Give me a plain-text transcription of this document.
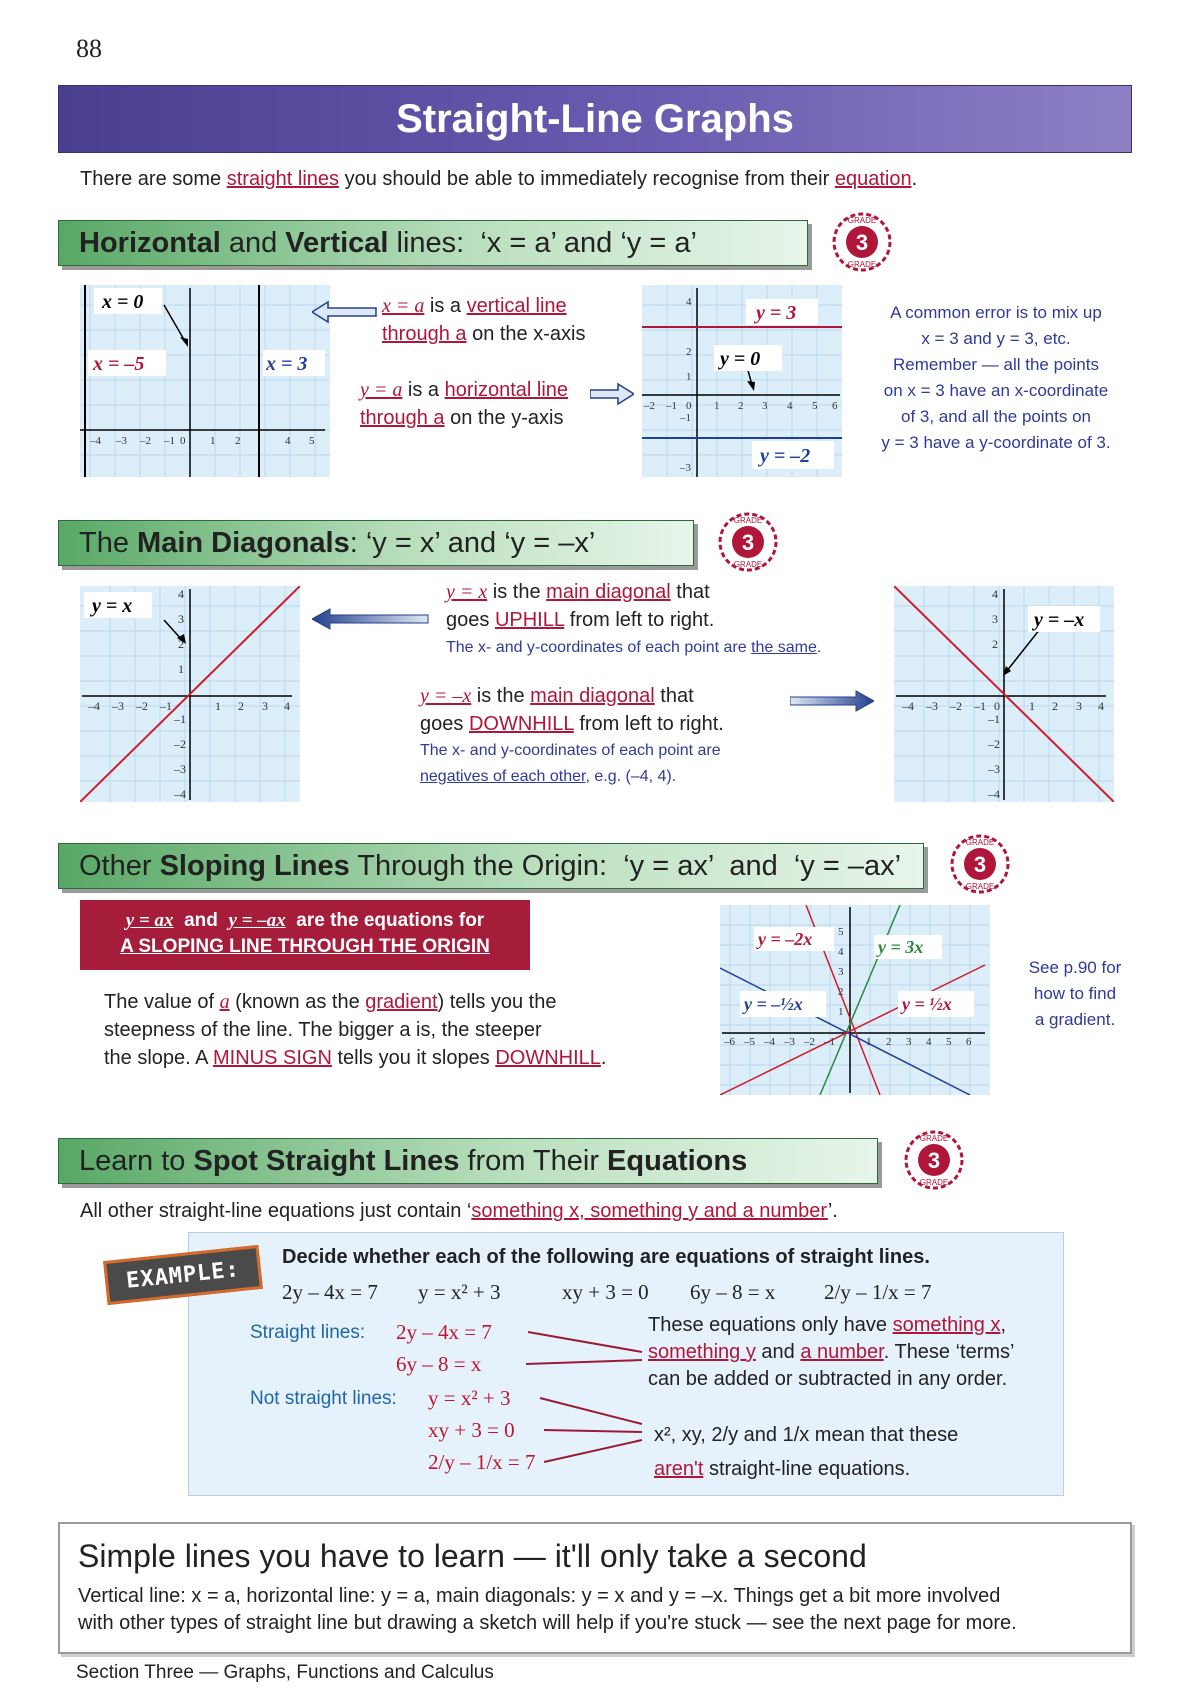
88
Straight-Line Graphs
There are some straight lines you should be able to immediately recognise from their equation.
Horizontal and Vertical lines:  ‘x = a’ and ‘y = a’	3
GRADE
GRADE
–4 –3 –2 –1 0 1 2	4 5
x = 0
x = –5	x = 3
x = a is a vertical line
through a on the x-axis
y = a is a horizontal line
through a on the y-axis
–2 –1 0 1 2 3 4 5 6
4
2
1
–1
–3
y = 3
y = 0
y = –2
A common error is to mix up
x = 3 and y = 3, etc.
Remember — all the points
on x = 3 have an x-coordinate
of 3, and all the points on
y = 3 have a y-coordinate of 3.
The Main Diagonals : ‘y = x’ and ‘y = –x’	3
GRADE
GRADE
–4 –3 –2 –1	1 2 3 4
4
3
2
1
–1
–2
–3
–4
y = x
y = x is the main diagonal that
goes UPHILL from left to right.
The x- and y-coordinates of each point are the same.
y = –x is the main diagonal that
goes DOWNHILL from left to right.
The x- and y-coordinates of each point are
negatives of each other, e.g. (–4, 4).
–4 –3 –2 –1 0 1 2 3 4
4
3
2
–1
–2
–3
–4
y = –x
Other Sloping Lines Through the Origin:  ‘y = ax’  and  ‘y = –ax’	3
GRADE
GRADE
y = ax  and  y = –ax  are the equations for
A SLOPING LINE THROUGH THE ORIGIN
The value of a (known as the gradient) tells you the
steepness of the line. The bigger a is, the steeper
the slope. A MINUS SIGN tells you it slopes DOWNHILL.
–6 –5 –4 –3 –2 –1	1 2 3 4 5 6
5
4
3
2
1
y = –2x	y = 3x
y = –½x	y = ½x
See p.90 for
how to find
a gradient.
Learn to Spot Straight Lines from Their Equations	3
GRADE
GRADE
All other straight-line equations just contain ‘something x, something y and a number’.
EXAMPLE:	Decide whether each of the following are equations of straight lines.
2y – 4x = 7 y = x² + 3	xy + 3 = 0 6y – 8 = x 2/y – 1/x = 7
Straight lines: 2y – 4x = 7
6y – 8 = x
Not straight lines: y = x² + 3
xy + 3 = 0
2/y – 1/x = 7
These equations only have something x,
something y and a number. These ‘terms’
can be added or subtracted in any order.
x², xy, 2/y and 1/x mean that these
aren't straight-line equations.
Simple lines you have to learn — it'll only take a second
Vertical line: x = a, horizontal line: y = a, main diagonals: y = x and y = –x. Things get a bit more involved
with other types of straight line but drawing a sketch will help if you're stuck — see the next page for more.
Section Three — Graphs, Functions and Calculus
